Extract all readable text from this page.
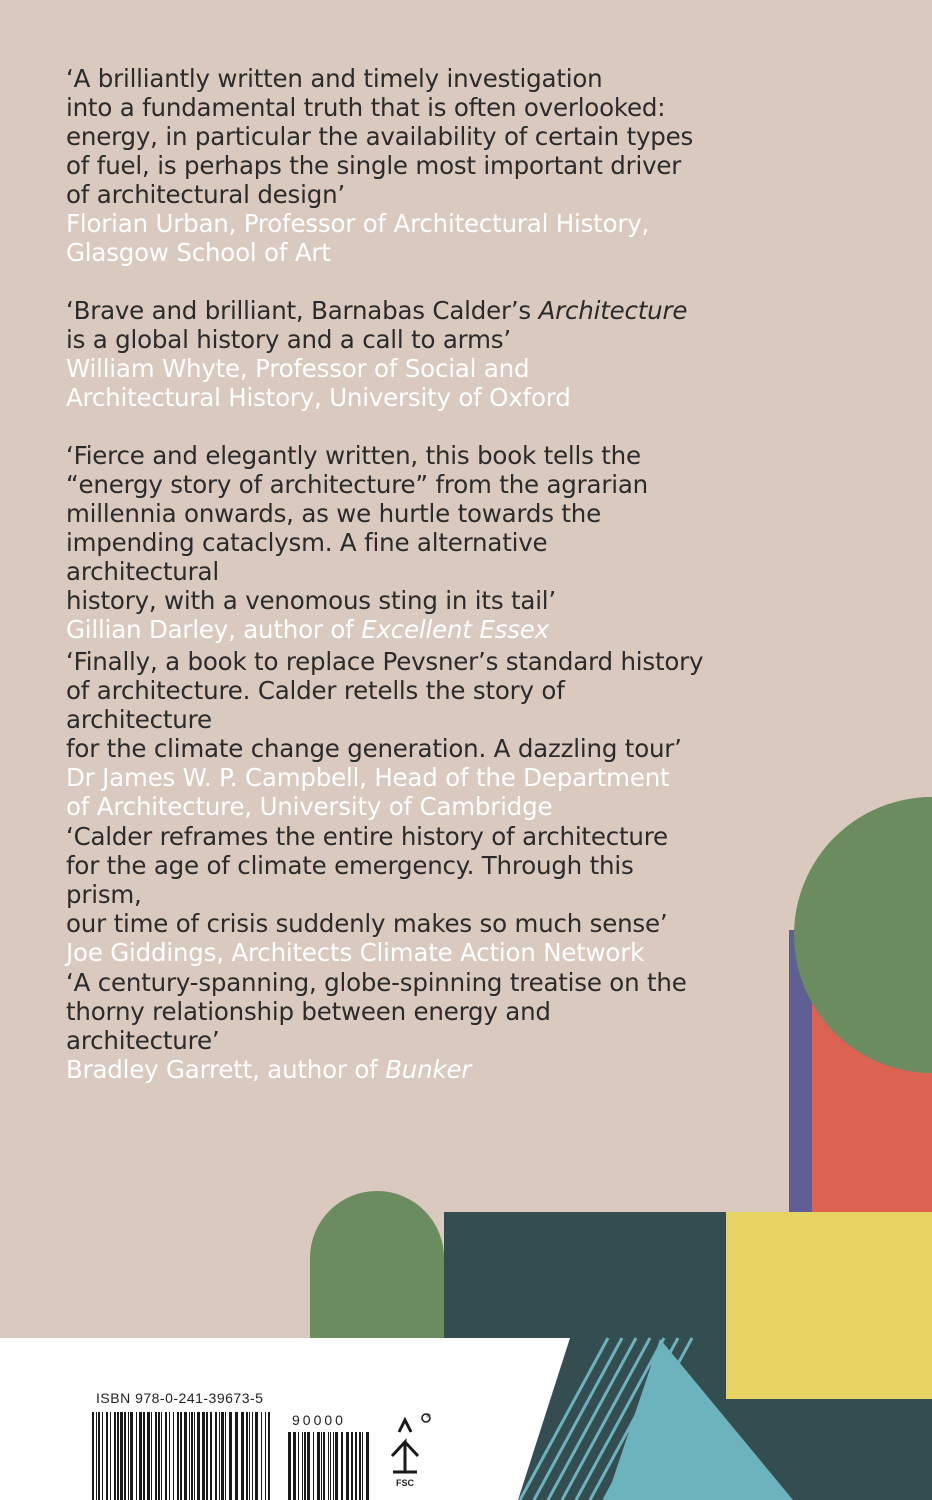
‘A brilliantly written and timely investigation
into a fundamental truth that is often overlooked:
energy, in particular the availability of certain types
of fuel, is perhaps the single most important driver
of architectural design’
Florian Urban, Professor of Architectural History,
Glasgow School of Art
‘Brave and brilliant, Barnabas Calder’s Architecture
is a global history and a call to arms’
William Whyte, Professor of Social and
Architectural History, University of Oxford
‘Fierce and elegantly written, this book tells the
“energy story of architecture” from the agrarian
millennia onwards, as we hurtle towards the
impending cataclysm. A fine alternative architectural
history, with a venomous sting in its tail’
Gillian Darley, author of Excellent Essex
‘Finally, a book to replace Pevsner’s standard history
of architecture. Calder retells the story of architecture
for the climate change generation. A dazzling tour’
Dr James W. P. Campbell, Head of the Department
of Architecture, University of Cambridge
‘Calder reframes the entire history of architecture
for the age of climate emergency. Through this prism,
our time of crisis suddenly makes so much sense’
Joe Giddings, Architects Climate Action Network
‘A century-spanning, globe-spinning treatise on the
thorny relationship between energy and architecture’
Bradley Garrett, author of Bunker
ISBN 978-0-241-39673-5
90000
FSC
®
